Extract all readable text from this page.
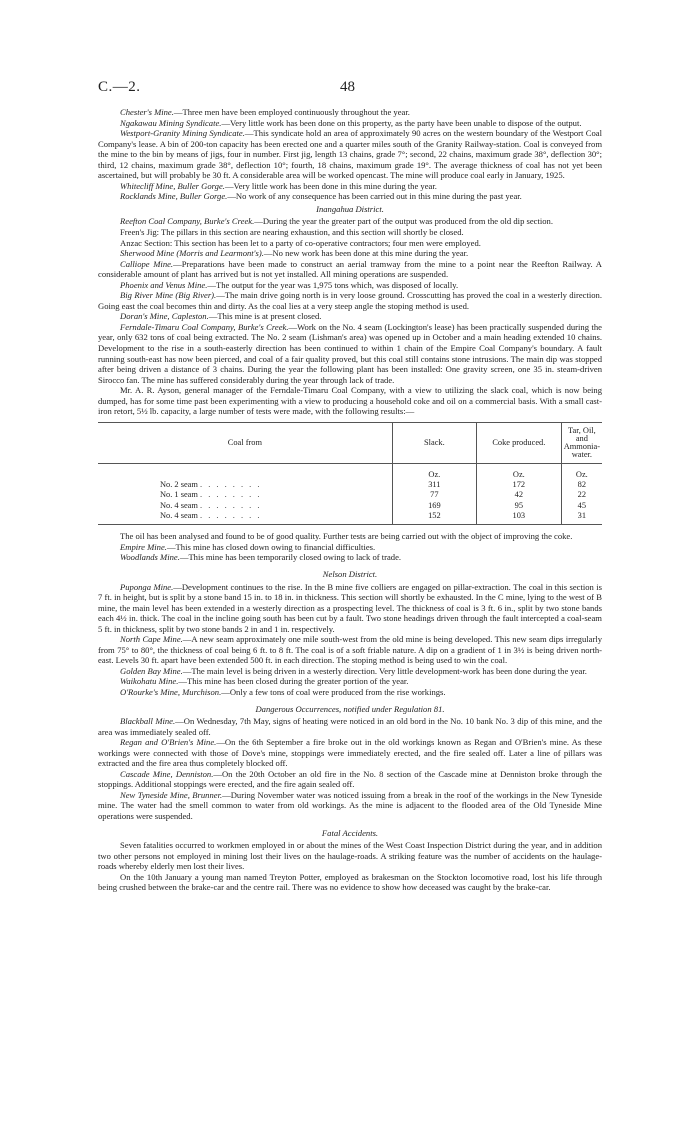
C.—2.	48

Chester's Mine.—Three men have been employed continuously throughout the year.

Ngakawau Mining Syndicate.—Very little work has been done on this property, as the party have been unable to dispose of the output.

Westport-Granity Mining Syndicate.—This syndicate hold an area of approximately 90 acres on the western boundary of the Westport Coal Company's lease. A bin of 200-ton capacity has been erected one and a quarter miles south of the Granity Railway-station. Coal is conveyed from the mine to the bin by means of jigs, four in number. First jig, length 13 chains, grade 7°; second, 22 chains, maximum grade 38°, deflection 30°; third, 12 chains, maximum grade 38°, deflection 10°; fourth, 18 chains, maximum grade 19°. The average thickness of coal has not yet been ascertained, but will probably be 30 ft. A considerable area will be worked opencast. The mine will produce coal early in January, 1925.

Whitecliff Mine, Buller Gorge.—Very little work has been done in this mine during the year.

Rocklands Mine, Buller Gorge.—No work of any consequence has been carried out in this mine during the past year.

Inangahua District.

Reefton Coal Company, Burke's Creek.—During the year the greater part of the output was produced from the old dip section.

Freen's Jig: The pillars in this section are nearing exhaustion, and this section will shortly be closed.

Anzac Section: This section has been let to a party of co-operative contractors; four men were employed.

Sherwood Mine (Morris and Learmont's).—No new work has been done at this mine during the year.

Calliope Mine.—Preparations have been made to construct an aerial tramway from the mine to a point near the Reefton Railway. A considerable amount of plant has arrived but is not yet installed. All mining operations are suspended.

Phoenix and Venus Mine.—The output for the year was 1,975 tons which, was disposed of locally.

Big River Mine (Big River).—The main drive going north is in very loose ground. Crosscutting has proved the coal in a westerly direction. Going east the coal becomes thin and dirty. As the coal lies at a very steep angle the stoping method is used.

Doran's Mine, Capleston.—This mine is at present closed.

Ferndale-Timaru Coal Company, Burke's Creek.—Work on the No. 4 seam (Lockington's lease) has been practically suspended during the year, only 632 tons of coal being extracted. The No. 2 seam (Lishman's area) was opened up in October and a main heading extended 10 chains. Development to the rise in a south-easterly direction has been continued to within 1 chain of the Empire Coal Company's boundary. A fault running south-east has now been pierced, and coal of a fair quality proved, but this coal still contains stone intrusions. The main dip was stopped after being driven a distance of 3 chains. During the year the following plant has been installed: One gravity screen, one 35 in. steam-driven Sirocco fan. The mine has suffered considerably during the year through lack of trade.

Mr. A. R. Ayson, general manager of the Ferndale-Timaru Coal Company, with a view to utilizing the slack coal, which is now being dumped, has for some time past been experimenting with a view to producing a household coke and oil on a commercial basis. With a small cast-iron retort, 5½ lb. capacity, a large number of tests were made, with the following results:—

Coal from	Slack.	Coke produced.	Tar, Oil, and Ammonia-water.
	Oz.	Oz.	Oz.
No. 2 seam . . . . . . . .	311	172	82
No. 1 seam . . . . . . . .	77	42	22
No. 4 seam . . . . . . . .	169	95	45
No. 4 seam . . . . . . . .	152	103	31

The oil has been analysed and found to be of good quality. Further tests are being carried out with the object of improving the coke.

Empire Mine.—This mine has closed down owing to financial difficulties.

Woodlands Mine.—This mine has been temporarily closed owing to lack of trade.

Nelson District.

Puponga Mine.—Development continues to the rise. In the B mine five colliers are engaged on pillar-extraction. The coal in this section is 7 ft. in height, but is split by a stone band 15 in. to 18 in. in thickness. This section will shortly be exhausted. In the C mine, lying to the west of B mine, the main level has been extended in a westerly direction as a prospecting level. The thickness of coal is 3 ft. 6 in., split by two stone bands each 4½ in. thick. The coal in the incline going south has been cut by a fault. Two stone headings driven through the fault intercepted a coal-seam 5 ft. in thickness, split by two stone bands 2 in and 1 in. respectively.

North Cape Mine.—A new seam approximately one mile south-west from the old mine is being developed. This new seam dips irregularly from 75° to 80°, the thickness of coal being 6 ft. to 8 ft. The coal is of a soft friable nature. A dip on a gradient of 1 in 3½ is being driven north-east. Levels 30 ft. apart have been extended 500 ft. in each direction. The stoping method is being used to win the coal.

Golden Bay Mine.—The main level is being driven in a westerly direction. Very little development-work has been done during the year.

Waikohatu Mine.—This mine has been closed during the greater portion of the year.

O'Rourke's Mine, Murchison.—Only a few tons of coal were produced from the rise workings.

Dangerous Occurrences, notified under Regulation 81.

Blackball Mine.—On Wednesday, 7th May, signs of heating were noticed in an old bord in the No. 10 bank No. 3 dip of this mine, and the area was immediately sealed off.

Regan and O'Brien's Mine.—On the 6th September a fire broke out in the old workings known as Regan and O'Brien's mine. As these workings were connected with those of Dove's mine, stoppings were immediately erected, and the fire sealed off. Later a line of pillars was extracted and the fire area thus completely blocked off.

Cascade Mine, Denniston.—On the 20th October an old fire in the No. 8 section of the Cascade mine at Denniston broke through the stoppings. Additional stoppings were erected, and the fire again sealed off.

New Tyneside Mine, Brunner.—During November water was noticed issuing from a break in the roof of the workings in the New Tyneside mine. The water had the smell common to water from old workings. As the mine is adjacent to the flooded area of the Old Tyneside Mine operations were suspended.

Fatal Accidents.

Seven fatalities occurred to workmen employed in or about the mines of the West Coast Inspection District during the year, and in addition two other persons not employed in mining lost their lives on the haulage-roads. A striking feature was the number of accidents on the haulage-roads whereby elderly men lost their lives.

On the 10th January a young man named Treyton Potter, employed as brakesman on the Stockton locomotive road, lost his life through being crushed between the brake-car and the centre rail. There was no evidence to show how deceased was caught by the brake-car.
